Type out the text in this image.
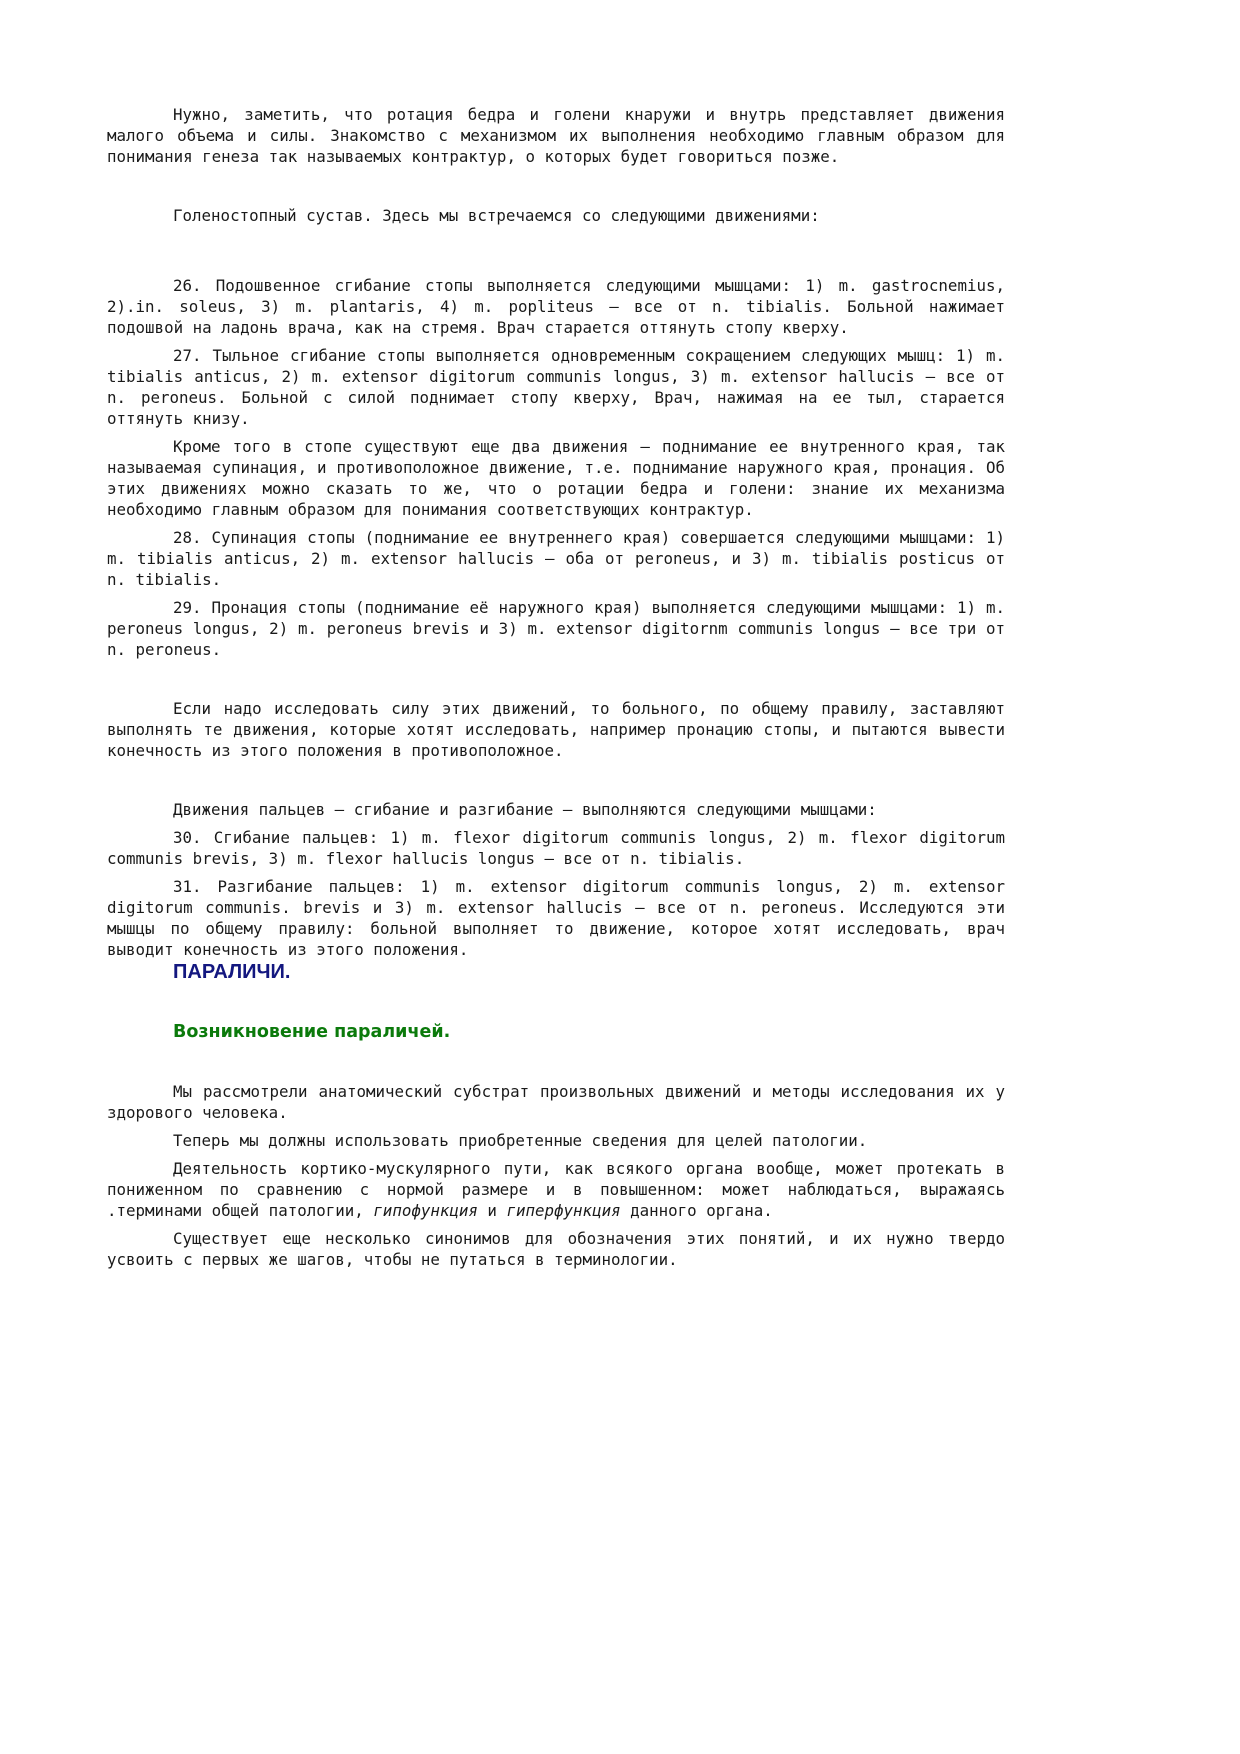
Нужно, заметить, что ротация бедра и голени кнаружи и внутрь представляет движения малого объема и силы. Знакомство с механизмом их выполнения необходимо главным образом для понимания генеза так называемых контрактур, о которых будет говориться позже.

Голеностопный сустав. Здесь мы встречаемся со следующими движениями:

26. Подошвенное сгибание стопы выполняется следующими мышцами: 1) m. gastrocnemius, 2).in. soleus, 3) m. plantaris, 4) m. popliteus — все от n. tibialis. Больной нажимает подошвой на ладонь врача, как на стремя. Врач старается оттянуть стопу кверху.

27. Тыльное сгибание стопы выполняется одновременным сокращением следующих мышц: 1) m. tibialis anticus, 2) m. extensor digitorum communis longus, 3) m. extensor hallucis — все от n. peroneus. Больной с силой поднимает стопу кверху, Врач, нажимая на ее тыл, старается оттянуть книзу.

Кроме того в стопе существуют еще два движения — поднимание ее внутренного края, так называемая супинация, и противоположное движение, т.е. поднимание наружного края, пронация. Об этих движениях можно сказать то же, что о ротации бедра и голени: знание их механизма необходимо главным образом для понимания соответствующих контрактур.

28. Супинация стопы (поднимание ее внутреннего края) совершается следующими мышцами: 1) m. tibialis anticus, 2) m. extensor hallucis — оба от peroneus, и 3) m. tibialis posticus от n. tibialis.

29. Пронация стопы (поднимание её наружного края) выполняется следующими мышцами: 1) m. peroneus longus, 2) m. peroneus brevis и 3) m. extensor digitornm communis longus — все три от n. peroneus.

Если надо исследовать силу этих движений, то больного, по общему правилу, заставляют выполнять те движения, которые хотят исследовать, например пронацию стопы, и пытаются вывести конечность из этого положения в противоположное.

Движения пальцев — сгибание и разгибание — выполняются следующими мышцами:

30. Сгибание пальцев: 1) m. flexor digitorum communis longus, 2) m. flexor digitorum communis brevis, 3) m. flexor hallucis longus — все от n. tibialis.

31. Разгибание пальцев: 1) m. extensor digitorum communis longus, 2) m. extensor digitorum communis. brevis и 3) m. extensor hallucis — все от n. peroneus. Исследуются эти мышцы по общему правилу: больной выполняет то движение, которое хотят исследовать, врач выводит конечность из этого положения.

ПАРАЛИЧИ.
Возникновение параличей.

Мы рассмотрели анатомический субстрат произвольных движений и методы исследования их у здорового человека.

Теперь мы должны использовать приобретенные сведения для целей патологии.

Деятельность кортико-мускулярного пути, как всякого органа вообще, может протекать в пониженном по сравнению с нормой размере и в повышенном: может наблюдаться, выражаясь .терминами общей патологии, гипофункция и гиперфункция данного органа.

Существует еще несколько синонимов для обозначения этих понятий, и их нужно твердо усвоить с первых же шагов, чтобы не путаться в терминологии.
